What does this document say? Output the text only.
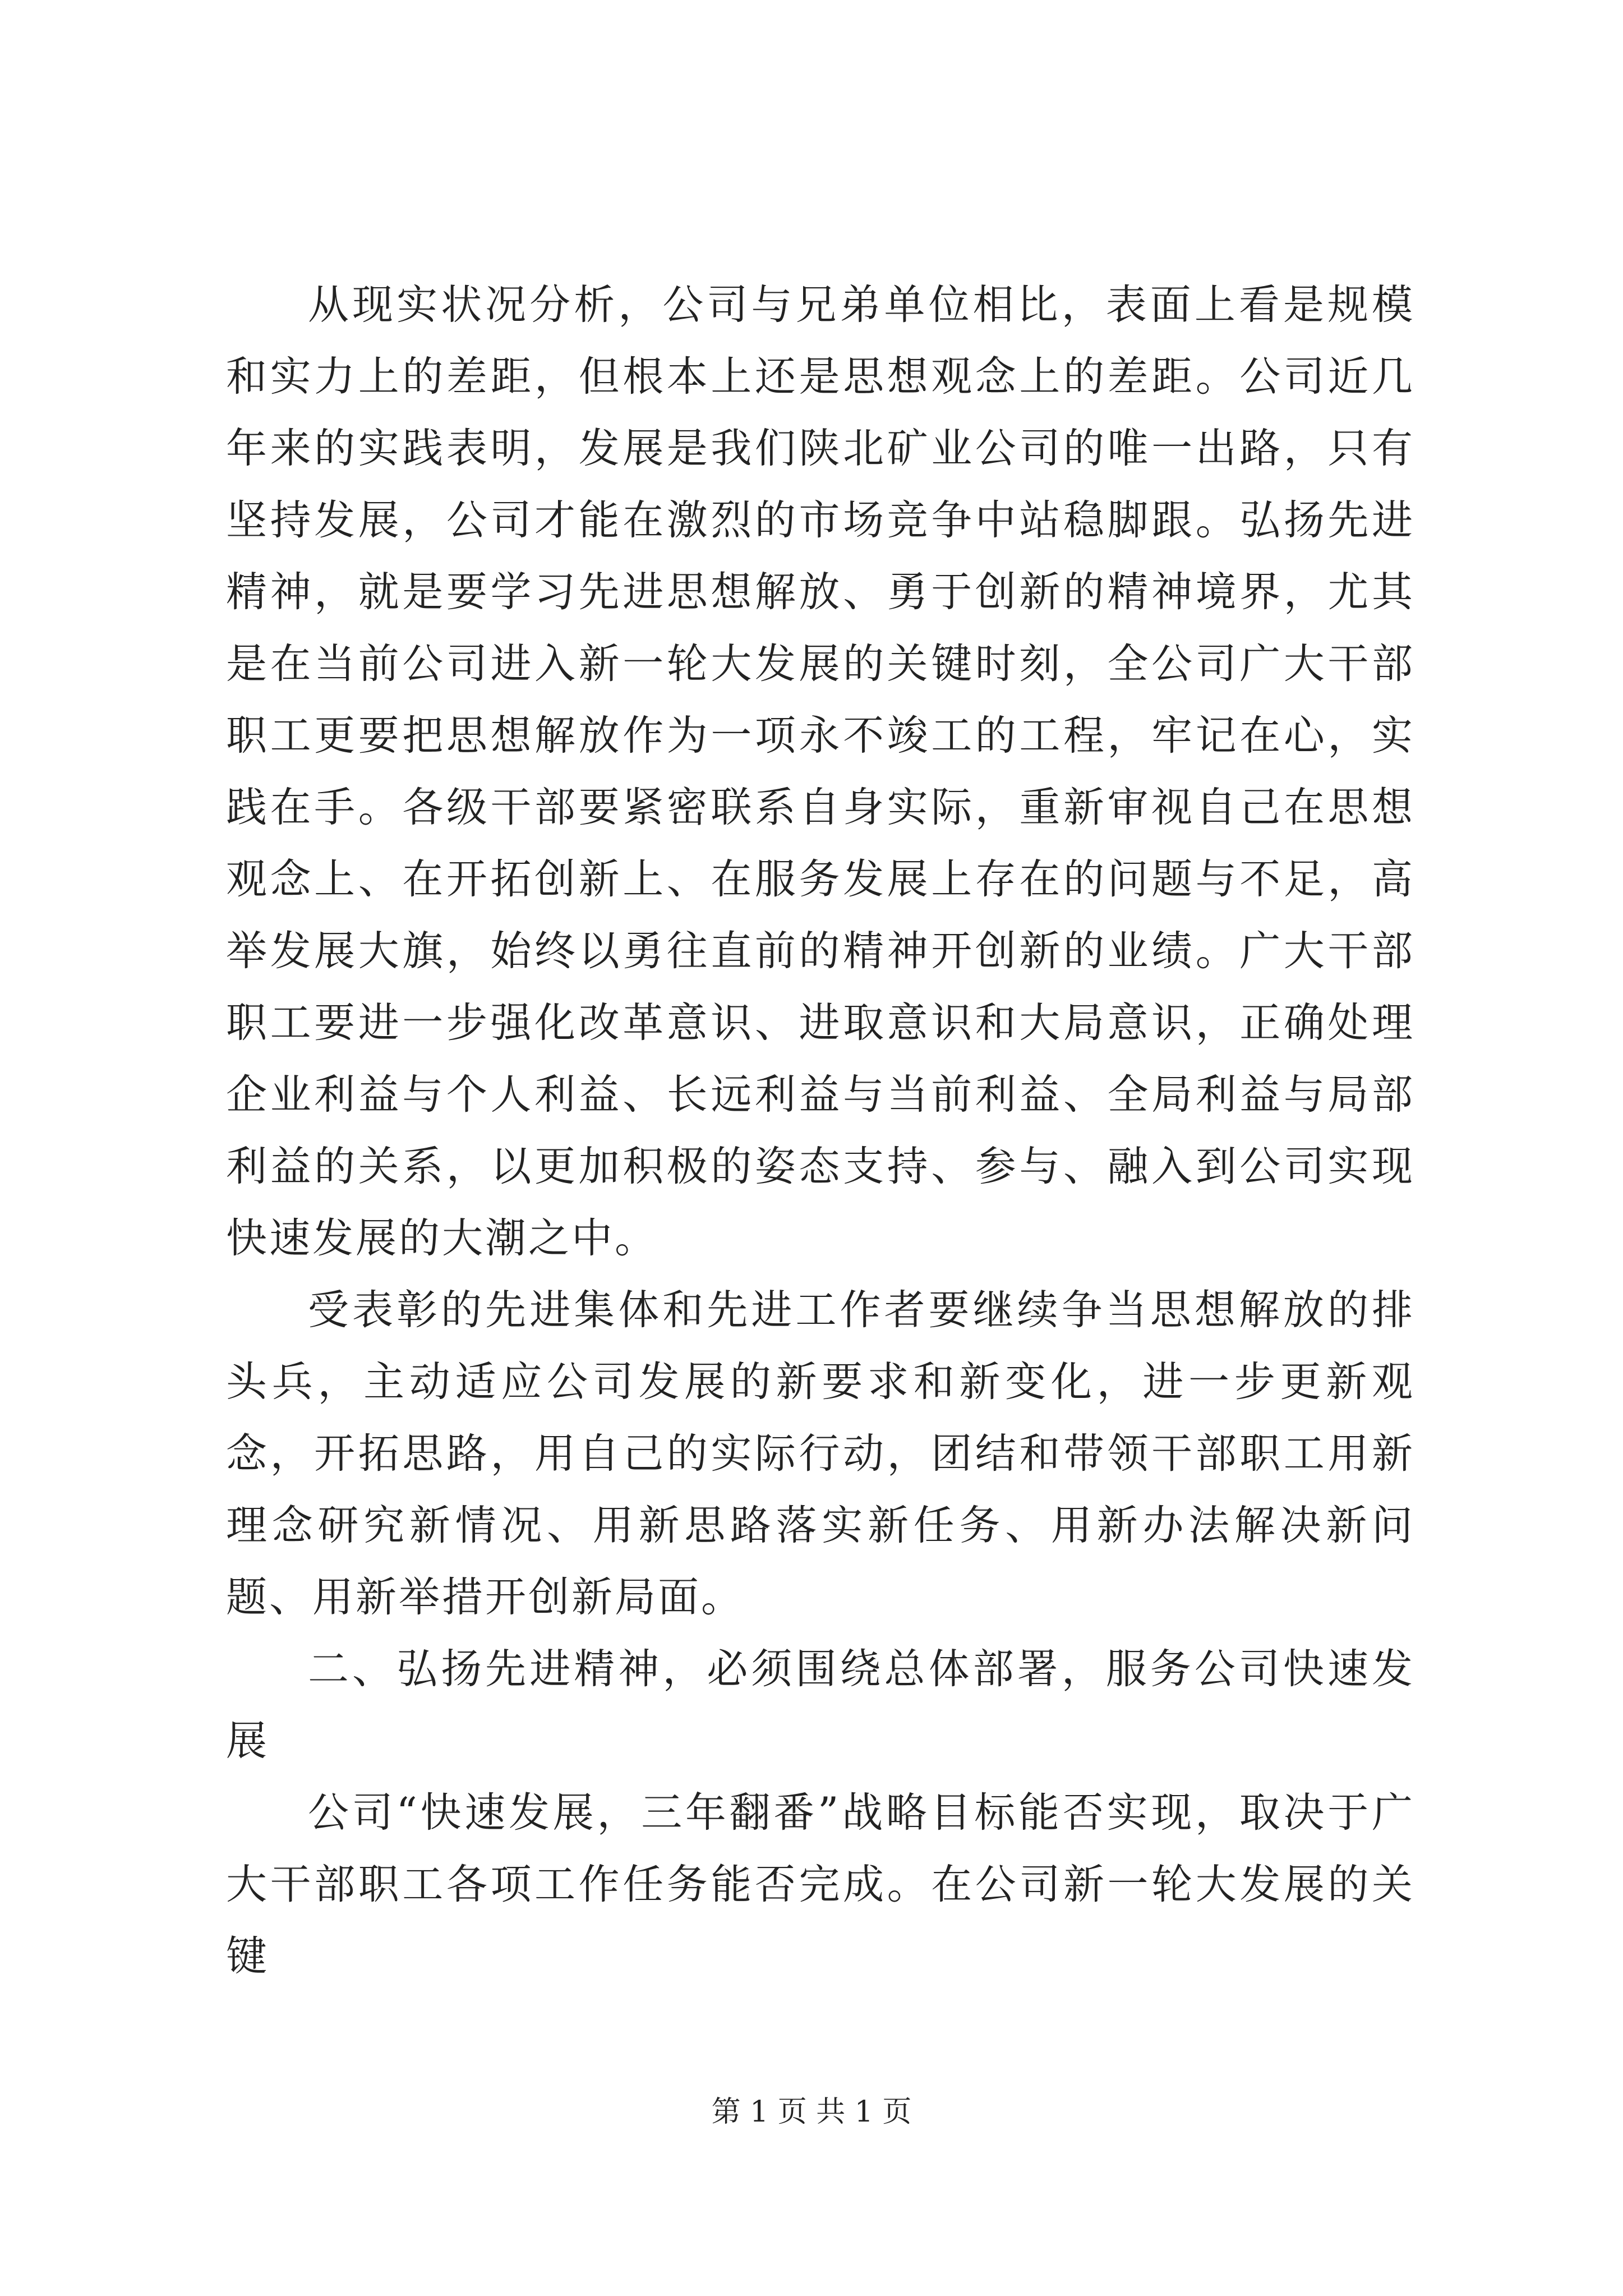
从现实状况分析，公司与兄弟单位相比，表面上看是规模和实力上的差距，但根本上还是思想观念上的差距。公司近几年来的实践表明，发展是我们陕北矿业公司的唯一出路，只有坚持发展，公司才能在激烈的市场竞争中站稳脚跟。弘扬先进精神，就是要学习先进思想解放、勇于创新的精神境界，尤其是在当前公司进入新一轮大发展的关键时刻，全公司广大干部职工更要把思想解放作为一项永不竣工的工程，牢记在心，实践在手。各级干部要紧密联系自身实际，重新审视自己在思想观念上、在开拓创新上、在服务发展上存在的问题与不足，高举发展大旗，始终以勇往直前的精神开创新的业绩。广大干部职工要进一步强化改革意识、进取意识和大局意识，正确处理企业利益与个人利益、长远利益与当前利益、全局利益与局部利益的关系，以更加积极的姿态支持、参与、融入到公司实现快速发展的大潮之中。

受表彰的先进集体和先进工作者要继续争当思想解放的排头兵，主动适应公司发展的新要求和新变化，进一步更新观念，开拓思路，用自己的实际行动，团结和带领干部职工用新理念研究新情况、用新思路落实新任务、用新办法解决新问题、用新举措开创新局面。

二、弘扬先进精神，必须围绕总体部署，服务公司快速发展

公司“快速发展，三年翻番”战略目标能否实现，取决于广大干部职工各项工作任务能否完成。在公司新一轮大发展的关键

第 1 页 共 1 页
